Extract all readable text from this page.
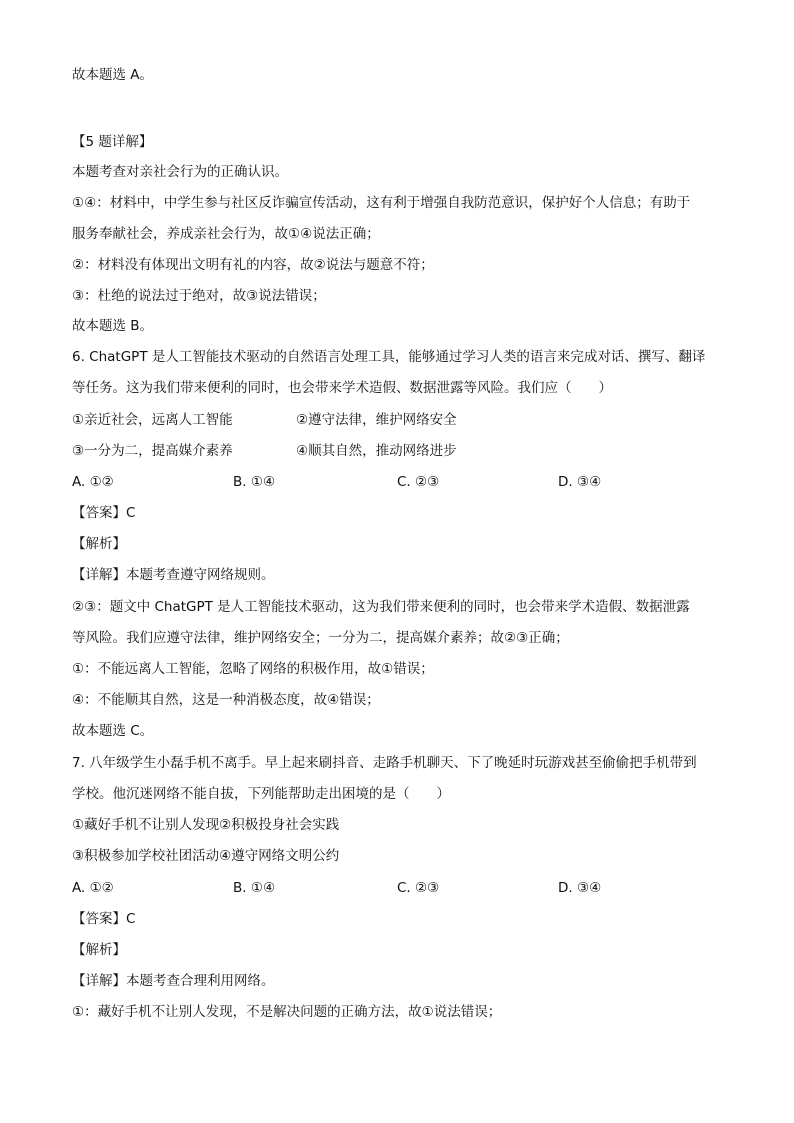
故本题选 A。
【5 题详解】
本题考查对亲社会行为的正确认识。
①④：材料中，中学生参与社区反诈骗宣传活动，这有利于增强自我防范意识，保护好个人信息；有助于
服务奉献社会，养成亲社会行为，故①④说法正确；
②：材料没有体现出文明有礼的内容，故②说法与题意不符；
③：杜绝的说法过于绝对，故③说法错误；
故本题选 B。
6. ChatGPT 是人工智能技术驱动的自然语言处理工具，能够通过学习人类的语言来完成对话、撰写、翻译
等任务。这为我们带来便利的同时，也会带来学术造假、数据泄露等风险。我们应（　　）
①亲近社会，远离人工智能	②遵守法律，维护网络安全
③一分为二，提高媒介素养	④顺其自然，推动网络进步
A. ①②	B. ①④	C. ②③	D. ③④
【答案】C
【解析】
【详解】本题考查遵守网络规则。
②③：题文中 ChatGPT 是人工智能技术驱动，这为我们带来便利的同时，也会带来学术造假、数据泄露
等风险。我们应遵守法律，维护网络安全；一分为二，提高媒介素养；故②③正确；
①：不能远离人工智能，忽略了网络的积极作用，故①错误；
④：不能顺其自然，这是一种消极态度，故④错误；
故本题选 C。
7. 八年级学生小磊手机不离手。早上起来刷抖音、走路手机聊天、下了晚延时玩游戏甚至偷偷把手机带到
学校。他沉迷网络不能自拔，下列能帮助走出困境的是（　　）
①藏好手机不让别人发现②积极投身社会实践
③积极参加学校社团活动④遵守网络文明公约
A. ①②	B. ①④	C. ②③	D. ③④
【答案】C
【解析】
【详解】本题考查合理利用网络。
①：藏好手机不让别人发现，不是解决问题的正确方法，故①说法错误；
